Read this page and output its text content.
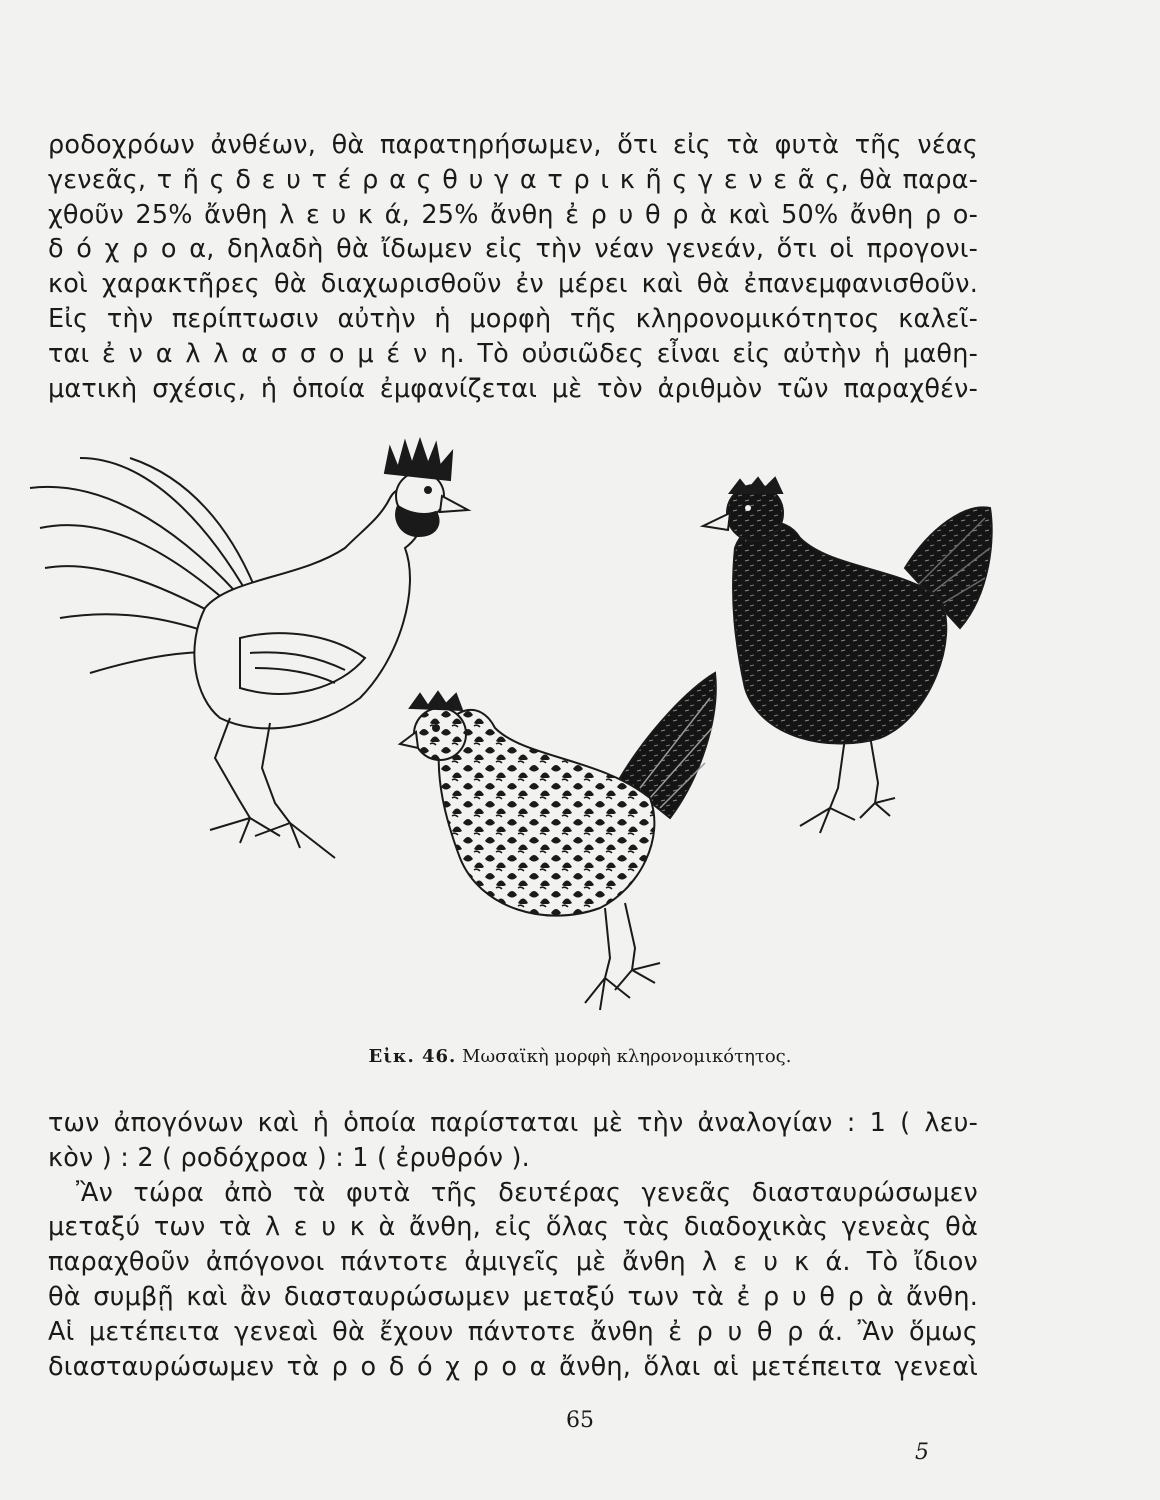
ροδοχρόων ἀνθέων, θὰ παρατηρήσωμεν, ὅτι εἰς τὰ φυτὰ τῆς νέας
γενεᾶς, τ ῆ ς δ ε υ τ έ ρ α ς θ υ γ α τ ρ ι κ ῆ ς γ ε ν ε ᾶ ς, θὰ παρα-
χθοῦν 25% ἄνθη λ ε υ κ ά, 25% ἄνθη ἐ ρ υ θ ρ ὰ καὶ 50% ἄνθη ρ ο-
δ ό χ ρ ο α, δηλαδὴ θὰ ἴδωμεν εἰς τὴν νέαν γενεάν, ὅτι οἱ προγονι-
κοὶ χαρακτῆρες θὰ διαχωρισθοῦν ἐν μέρει καὶ θὰ ἐπανεμφανισθοῦν.
Εἰς τὴν περίπτωσιν αὐτὴν ἡ μορφὴ τῆς κληρονομικότητος καλεῖ-
ται ἐ ν α λ λ α σ σ ο μ έ ν η. Τὸ οὐσιῶδες εἶναι εἰς αὐτὴν ἡ μαθη-
ματικὴ σχέσις, ἡ ὁποία ἐμφανίζεται μὲ τὸν ἀριθμὸν τῶν παραχθέν-
Εἰκ. 46. Μωσαϊκὴ μορφὴ κληρονομικότητος.
των ἀπογόνων καὶ ἡ ὁποία παρίσταται μὲ τὴν ἀναλογίαν : 1 ( λευ-
κὸν ) : 2 ( ροδόχροα ) : 1 ( ἐρυθρόν ).
Ἂν τώρα ἀπὸ τὰ φυτὰ τῆς δευτέρας γενεᾶς διασταυρώσωμεν
μεταξύ των τὰ λ ε υ κ ὰ ἄνθη, εἰς ὅλας τὰς διαδοχικὰς γενεὰς θὰ
παραχθοῦν ἀπόγονοι πάντοτε ἀμιγεῖς μὲ ἄνθη λ ε υ κ ά. Τὸ ἴδιον
θὰ συμβῇ καὶ ἂν διασταυρώσωμεν μεταξύ των τὰ ἐ ρ υ θ ρ ὰ ἄνθη.
Αἱ μετέπειτα γενεαὶ θὰ ἔχουν πάντοτε ἄνθη ἐ ρ υ θ ρ ά. Ἂν ὅμως
διασταυρώσωμεν τὰ ρ ο δ ό χ ρ ο α ἄνθη, ὅλαι αἱ μετέπειτα γενεαὶ
65
5
